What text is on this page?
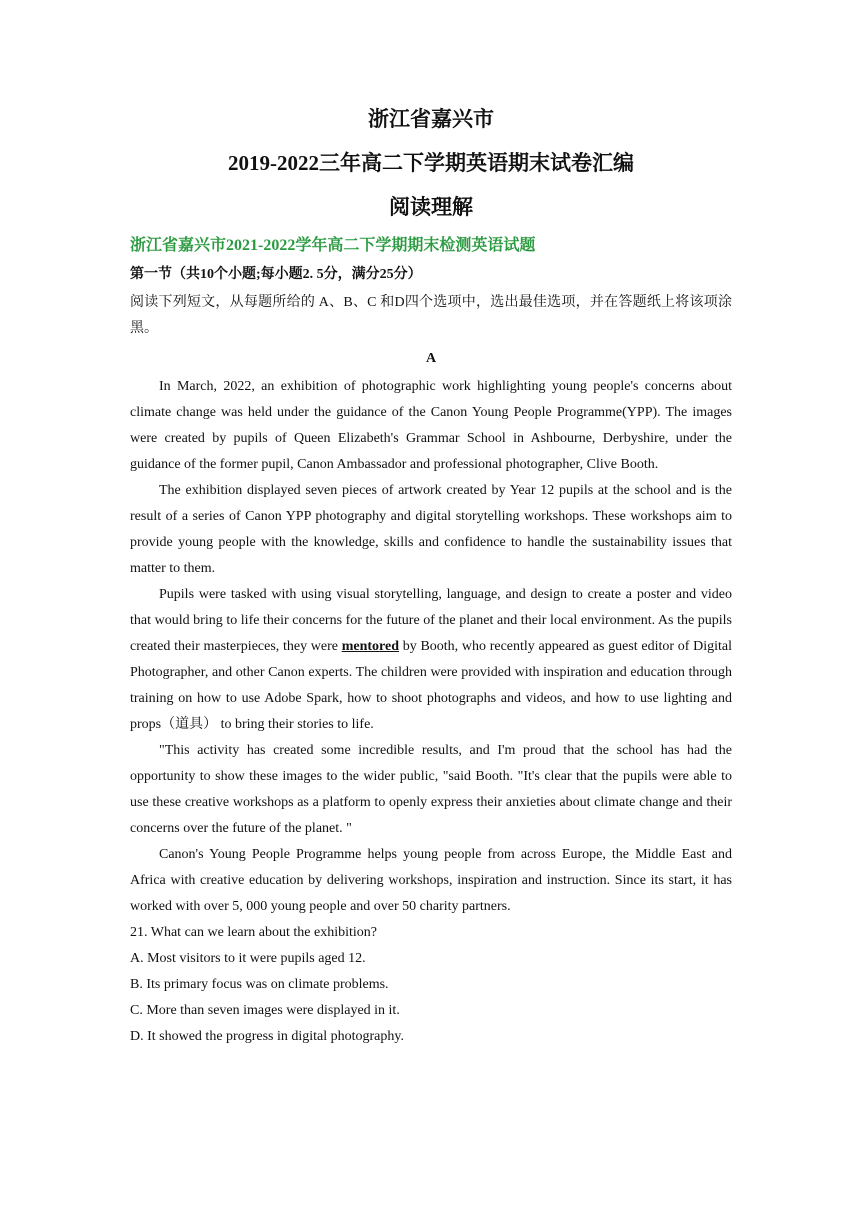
浙江省嘉兴市

2019-2022三年高二下学期英语期末试卷汇编

阅读理解

浙江省嘉兴市2021-2022学年高二下学期期末检测英语试题

第一节（共10个小题;每小题2. 5分，满分25分）

阅读下列短文，从每题所给的 A、B、C 和D四个选项中，选出最佳选项，并在答题纸上将该项涂黑。

A

In March, 2022, an exhibition of photographic work highlighting young people's concerns about climate change was held under the guidance of the Canon Young People Programme(YPP). The images were created by pupils of Queen Elizabeth's Grammar School in Ashbourne, Derbyshire, under the guidance of the former pupil, Canon Ambassador and professional photographer, Clive Booth.

The exhibition displayed seven pieces of artwork created by Year 12 pupils at the school and is the result of a series of Canon YPP photography and digital storytelling workshops. These workshops aim to provide young people with the knowledge, skills and confidence to handle the sustainability issues that matter to them.

Pupils were tasked with using visual storytelling, language, and design to create a poster and video that would bring to life their concerns for the future of the planet and their local environment. As the pupils created their masterpieces, they were mentored by Booth, who recently appeared as guest editor of Digital Photographer, and other Canon experts. The children were provided with inspiration and education through training on how to use Adobe Spark, how to shoot photographs and videos, and how to use lighting and props（道具） to bring their stories to life.

"This activity has created some incredible results, and I'm proud that the school has had the opportunity to show these images to the wider public, "said Booth. "It's clear that the pupils were able to use these creative workshops as a platform to openly express their anxieties about climate change and their concerns over the future of the planet. "

Canon's Young People Programme helps young people from across Europe, the Middle East and Africa with creative education by delivering workshops, inspiration and instruction. Since its start, it has worked with over 5, 000 young people and over 50 charity partners.

21. What can we learn about the exhibition?

A. Most visitors to it were pupils aged 12.

B. Its primary focus was on climate problems.

C. More than seven images were displayed in it.

D. It showed the progress in digital photography.
